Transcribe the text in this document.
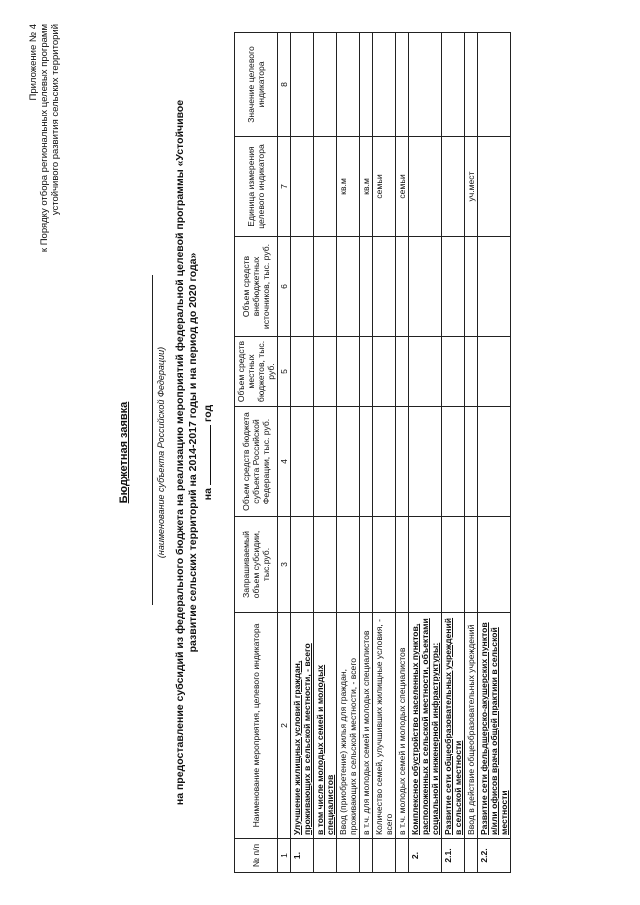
Приложение № 4 к Порядку отбора региональных целевых программ устойчивого развития сельских территорий
Бюджетная заявка	(наименование субъекта Российской Федерации) на предоставление субсидий из федерального бюджета на реализацию мероприятий федеральной целевой программы «Устойчивое развитие сельских территорий на 2014-2017 годы и на период до 2020 года» нагод
№ п/п	Наименование мероприятия, целевого индикатора	Запрашиваемый объем субсидии, тыс.руб.	Объем средств бюджета субъекта Российской Федерации, тыс. руб.	Объем средств местных бюджетов, тыс. руб.	Объем средств внебюджетных источников, тыс. руб.	Единица измерения целевого индикатора	Значение целевого индикатора
1	2	3	4	5	6	7	8
1.	Улучшение жилищных условий граждан, проживающих в сельской местности, - всего						
	в том числе молодых семей и молодых специалистов						
	Ввод (приобретение) жилья для граждан, проживающих в сельской местности, - всего					кв.м	
	в т.ч. для молодых семей и молодых специалистов					кв.м	
	Количество семей, улучшивших жилищные условия, - всего					семьи	
	в т.ч. молодых семей и молодых специалистов					семьи	
2.	Комплексное обустройство населенных пунктов, расположенных в сельской местности, объектами социальной и инженерной инфраструктуры:						
2.1.	Развитие сети общеобразовательных учреждений в сельской местности						
	Ввод в действие общеобразовательных учреждений					уч.мест	
2.2.	Развитие сети фельдшерско-акушерских пунктов и/или офисов врача общей практики в сельской местности						
